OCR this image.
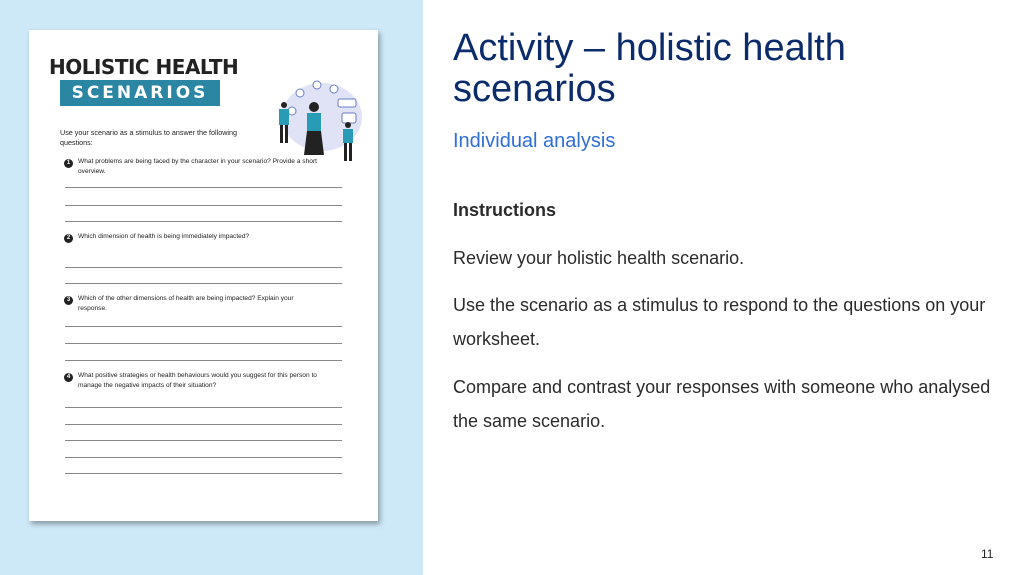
HOLISTIC HEALTH
SCENARIOS

Use your scenario as a stimulus to answer the following questions:

1	What problems are being faced by the character in your scenario? Provide a short overview.

2	Which dimension of health is being immediately impacted?

3	Which of the other dimensions of health are being impacted? Explain your response.

4	What positive strategies or health behaviours would you suggest for this person to manage the negative impacts of their situation?

Activity – holistic health scenarios
Individual analysis
Instructions

Review your holistic health scenario.

Use the scenario as a stimulus to respond to the questions on your worksheet.

Compare and contrast your responses with someone who analysed the same scenario.

11
